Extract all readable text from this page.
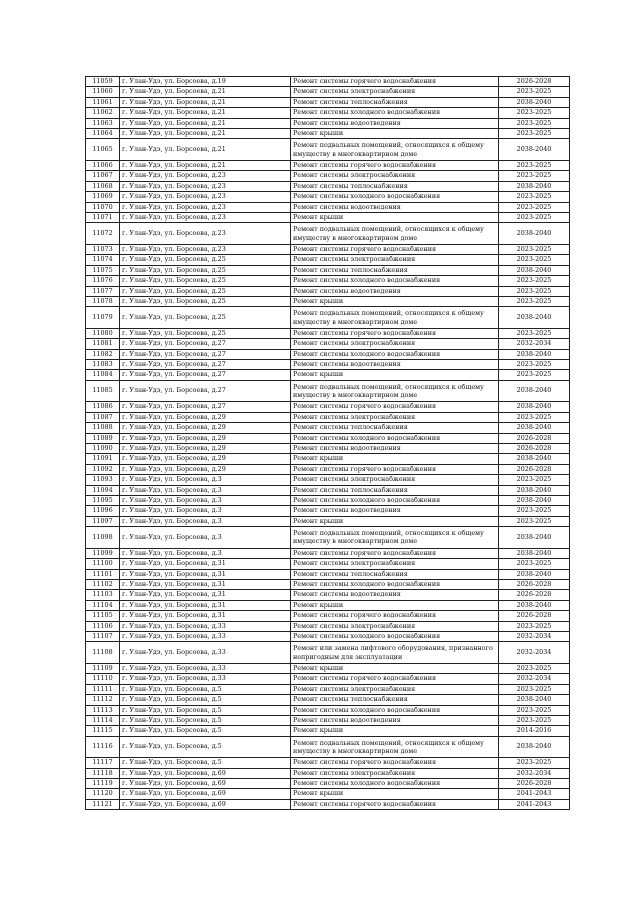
11059	г. Улан-Удэ, ул. Борсоева, д.19	Ремонт системы горячего водоснабжения	2026-2028
11060	г. Улан-Удэ, ул. Борсоева, д.21	Ремонт системы электроснабжения	2023-2025
11061	г. Улан-Удэ, ул. Борсоева, д.21	Ремонт системы теплоснабжения	2038-2040
11062	г. Улан-Удэ, ул. Борсоева, д.21	Ремонт системы холодного водоснабжения	2023-2025
11063	г. Улан-Удэ, ул. Борсоева, д.21	Ремонт системы водоотведения	2023-2025
11064	г. Улан-Удэ, ул. Борсоева, д.21	Ремонт крыши	2023-2025
11065	г. Улан-Удэ, ул. Борсоева, д.21	Ремонт подвальных помещений, относящихся к общему имуществу в многоквартирном доме	2038-2040
11066	г. Улан-Удэ, ул. Борсоева, д.21	Ремонт системы горячего водоснабжения	2023-2025
11067	г. Улан-Удэ, ул. Борсоева, д.23	Ремонт системы электроснабжения	2023-2025
11068	г. Улан-Удэ, ул. Борсоева, д.23	Ремонт системы теплоснабжения	2038-2040
11069	г. Улан-Удэ, ул. Борсоева, д.23	Ремонт системы холодного водоснабжения	2023-2025
11070	г. Улан-Удэ, ул. Борсоева, д.23	Ремонт системы водоотведения	2023-2025
11071	г. Улан-Удэ, ул. Борсоева, д.23	Ремонт крыши	2023-2025
11072	г. Улан-Удэ, ул. Борсоева, д.23	Ремонт подвальных помещений, относящихся к общему имуществу в многоквартирном доме	2038-2040
11073	г. Улан-Удэ, ул. Борсоева, д.23	Ремонт системы горячего водоснабжения	2023-2025
11074	г. Улан-Удэ, ул. Борсоева, д.25	Ремонт системы электроснабжения	2023-2025
11075	г. Улан-Удэ, ул. Борсоева, д.25	Ремонт системы теплоснабжения	2038-2040
11076	г. Улан-Удэ, ул. Борсоева, д.25	Ремонт системы холодного водоснабжения	2023-2025
11077	г. Улан-Удэ, ул. Борсоева, д.25	Ремонт системы водоотведения	2023-2025
11078	г. Улан-Удэ, ул. Борсоева, д.25	Ремонт крыши	2023-2025
11079	г. Улан-Удэ, ул. Борсоева, д.25	Ремонт подвальных помещений, относящихся к общему имуществу в многоквартирном доме	2038-2040
11080	г. Улан-Удэ, ул. Борсоева, д.25	Ремонт системы горячего водоснабжения	2023-2025
11081	г. Улан-Удэ, ул. Борсоева, д.27	Ремонт системы электроснабжения	2032-2034
11082	г. Улан-Удэ, ул. Борсоева, д.27	Ремонт системы холодного водоснабжения	2038-2040
11083	г. Улан-Удэ, ул. Борсоева, д.27	Ремонт системы водоотведения	2023-2025
11084	г. Улан-Удэ, ул. Борсоева, д.27	Ремонт крыши	2023-2025
11085	г. Улан-Удэ, ул. Борсоева, д.27	Ремонт подвальных помещений, относящихся к общему имуществу в многоквартирном доме	2038-2040
11086	г. Улан-Удэ, ул. Борсоева, д.27	Ремонт системы горячего водоснабжения	2038-2040
11087	г. Улан-Удэ, ул. Борсоева, д.29	Ремонт системы электроснабжения	2023-2025
11088	г. Улан-Удэ, ул. Борсоева, д.29	Ремонт системы теплоснабжения	2038-2040
11089	г. Улан-Удэ, ул. Борсоева, д.29	Ремонт системы холодного водоснабжения	2026-2028
11090	г. Улан-Удэ, ул. Борсоева, д.29	Ремонт системы водоотведения	2026-2028
11091	г. Улан-Удэ, ул. Борсоева, д.29	Ремонт крыши	2038-2040
11092	г. Улан-Удэ, ул. Борсоева, д.29	Ремонт системы горячего водоснабжения	2026-2028
11093	г. Улан-Удэ, ул. Борсоева, д.3	Ремонт системы электроснабжения	2023-2025
11094	г. Улан-Удэ, ул. Борсоева, д.3	Ремонт системы теплоснабжения	2038-2040
11095	г. Улан-Удэ, ул. Борсоева, д.3	Ремонт системы холодного водоснабжения	2038-2040
11096	г. Улан-Удэ, ул. Борсоева, д.3	Ремонт системы водоотведения	2023-2025
11097	г. Улан-Удэ, ул. Борсоева, д.3	Ремонт крыши	2023-2025
11098	г. Улан-Удэ, ул. Борсоева, д.3	Ремонт подвальных помещений, относящихся к общему имуществу в многоквартирном доме	2038-2040
11099	г. Улан-Удэ, ул. Борсоева, д.3	Ремонт системы горячего водоснабжения	2038-2040
11100	г. Улан-Удэ, ул. Борсоева, д.31	Ремонт системы электроснабжения	2023-2025
11101	г. Улан-Удэ, ул. Борсоева, д.31	Ремонт системы теплоснабжения	2038-2040
11102	г. Улан-Удэ, ул. Борсоева, д.31	Ремонт системы холодного водоснабжения	2026-2028
11103	г. Улан-Удэ, ул. Борсоева, д.31	Ремонт системы водоотведения	2026-2028
11104	г. Улан-Удэ, ул. Борсоева, д.31	Ремонт крыши	2038-2040
11105	г. Улан-Удэ, ул. Борсоева, д.31	Ремонт системы горячего водоснабжения	2026-2028
11106	г. Улан-Удэ, ул. Борсоева, д.33	Ремонт системы электроснабжения	2023-2025
11107	г. Улан-Удэ, ул. Борсоева, д.33	Ремонт системы холодного водоснабжения	2032-2034
11108	г. Улан-Удэ, ул. Борсоева, д.33	Ремонт или замена лифтового оборудования, признанного непригодным для эксплуатации	2032-2034
11109	г. Улан-Удэ, ул. Борсоева, д.33	Ремонт крыши	2023-2025
11110	г. Улан-Удэ, ул. Борсоева, д.33	Ремонт системы горячего водоснабжения	2032-2034
11111	г. Улан-Удэ, ул. Борсоева, д.5	Ремонт системы электроснабжения	2023-2025
11112	г. Улан-Удэ, ул. Борсоева, д.5	Ремонт системы теплоснабжения	2038-2040
11113	г. Улан-Удэ, ул. Борсоева, д.5	Ремонт системы холодного водоснабжения	2023-2025
11114	г. Улан-Удэ, ул. Борсоева, д.5	Ремонт системы водоотведения	2023-2025
11115	г. Улан-Удэ, ул. Борсоева, д.5	Ремонт крыши	2014-2016
11116	г. Улан-Удэ, ул. Борсоева, д.5	Ремонт подвальных помещений, относящихся к общему имуществу в многоквартирном доме	2038-2040
11117	г. Улан-Удэ, ул. Борсоева, д.5	Ремонт системы горячего водоснабжения	2023-2025
11118	г. Улан-Удэ, ул. Борсоева, д.69	Ремонт системы электроснабжения	2032-2034
11119	г. Улан-Удэ, ул. Борсоева, д.69	Ремонт системы холодного водоснабжения	2026-2028
11120	г. Улан-Удэ, ул. Борсоева, д.69	Ремонт крыши	2041-2043
11121	г. Улан-Удэ, ул. Борсоева, д.69	Ремонт системы горячего водоснабжения	2041-2043
